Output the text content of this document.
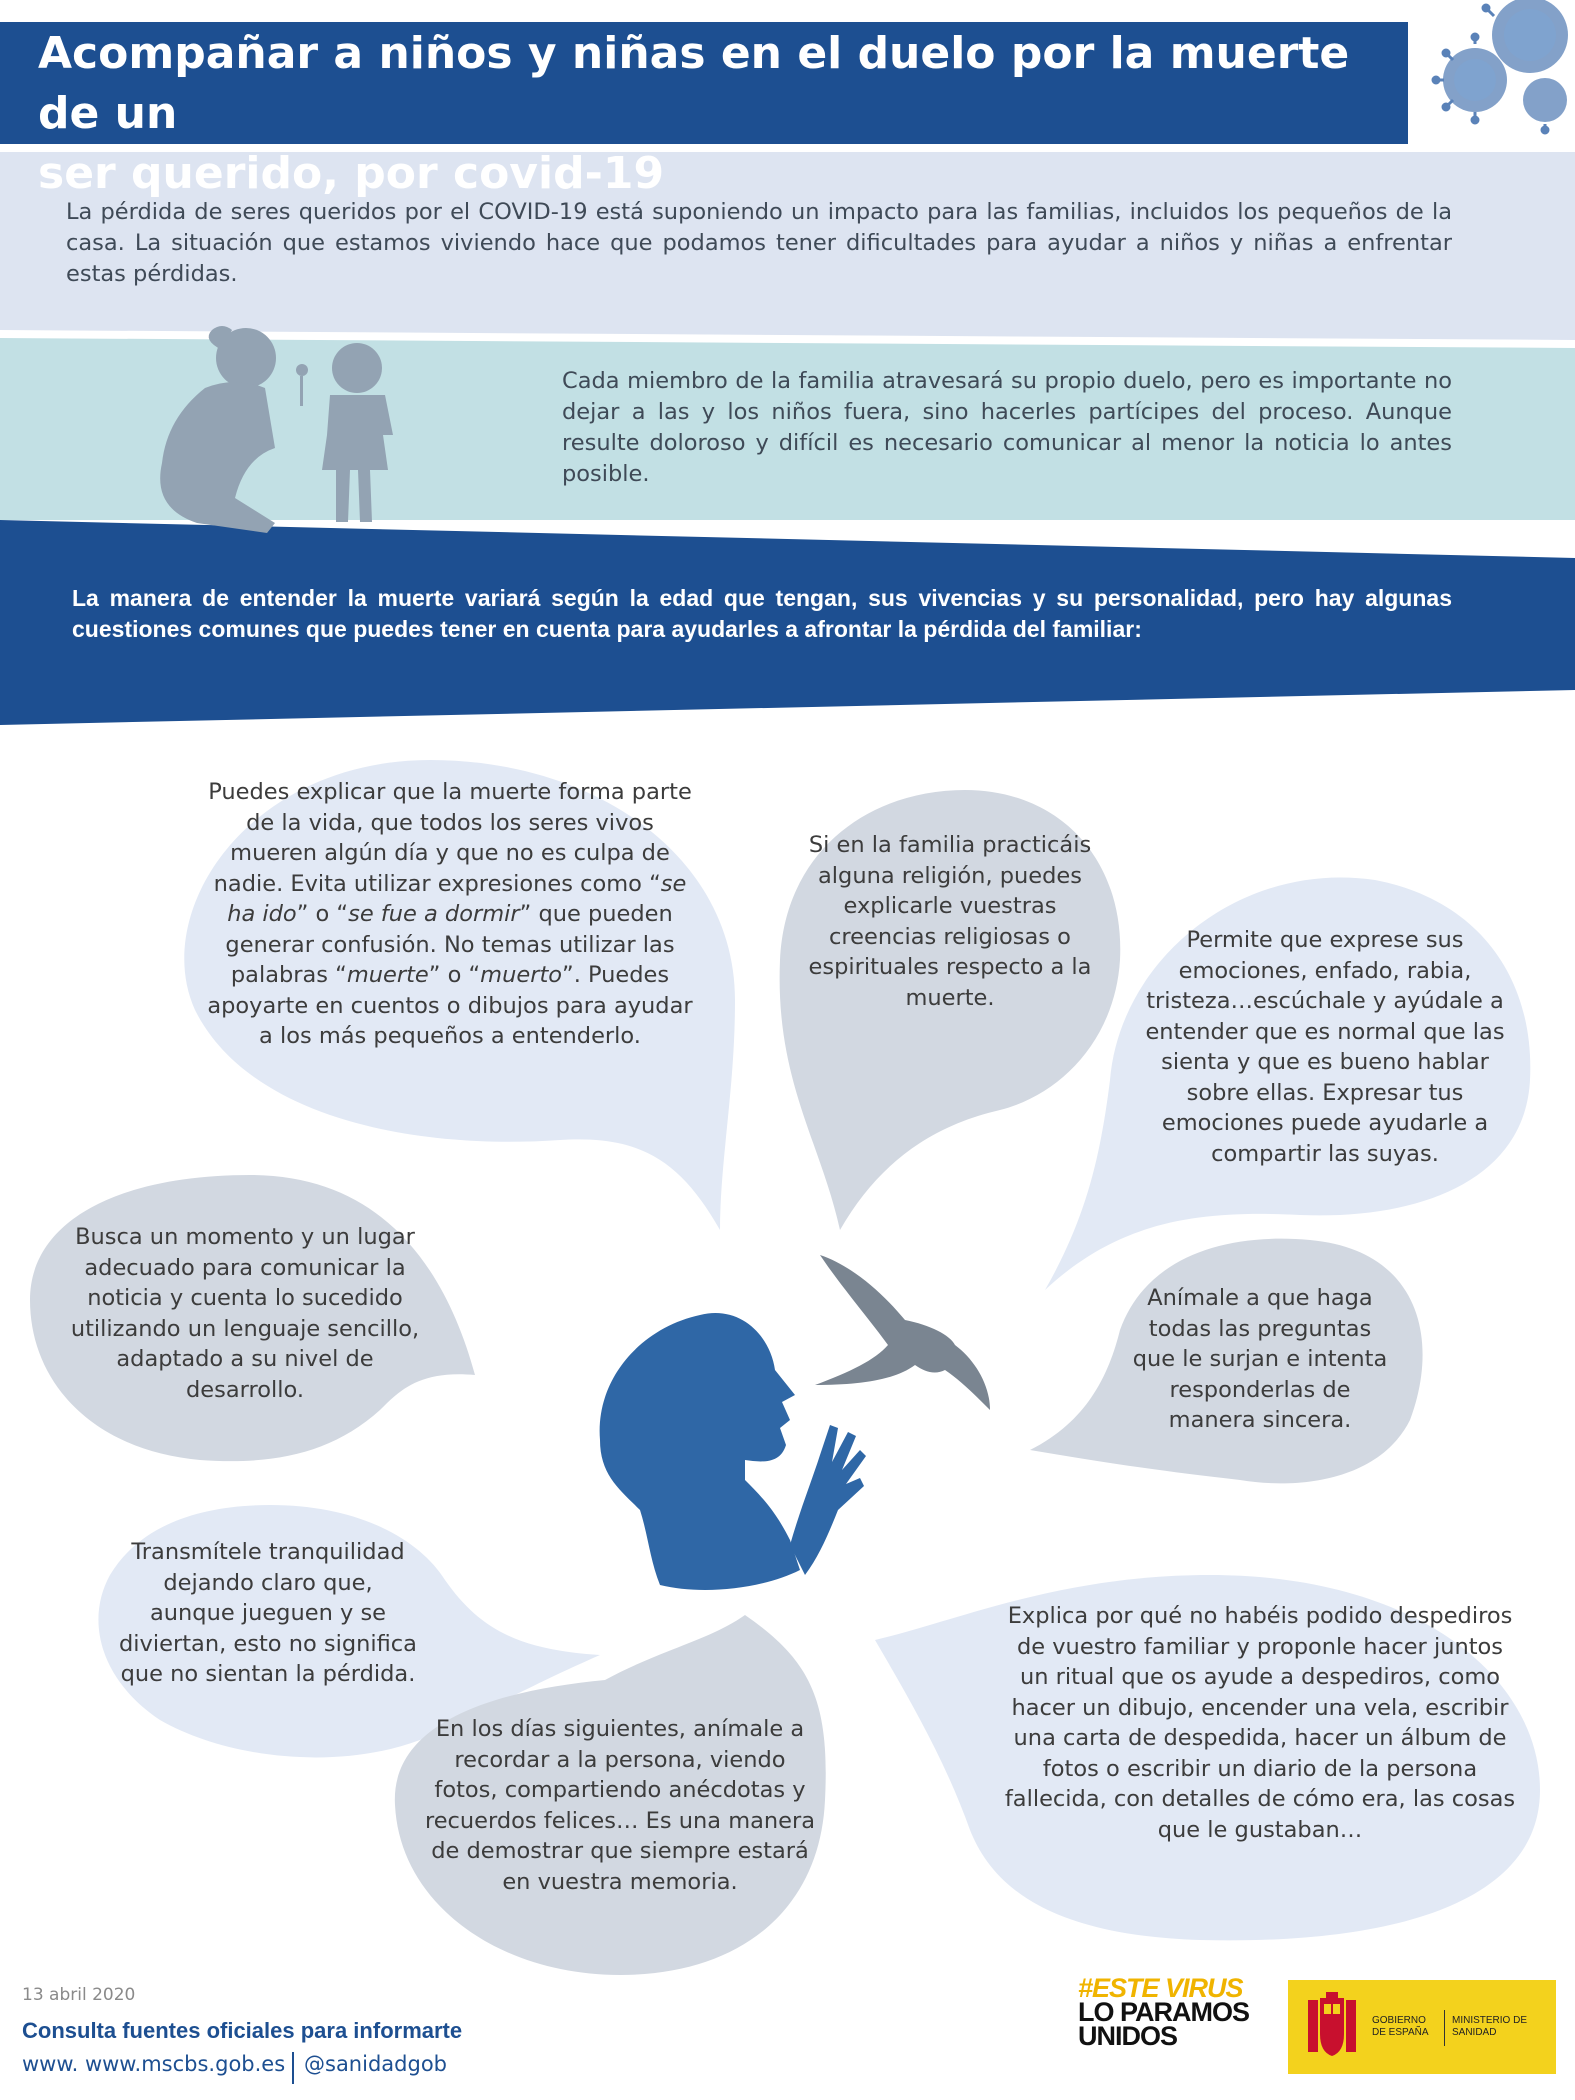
Acompañar a niños y niñas en el duelo por la muerte de un
ser querido, por covid-19
La pérdida de seres queridos por el COVID-19 está suponiendo un impacto para las familias, incluidos los pequeños de la casa. La situación que estamos viviendo hace que podamos tener dificultades para ayudar a niños y niñas a enfrentar estas pérdidas.
Cada miembro de la familia atravesará su propio duelo, pero es importante no dejar a las y los niños fuera, sino hacerles partícipes del proceso. Aunque resulte doloroso y difícil es necesario comunicar al menor la noticia lo antes posible.
La manera de entender la muerte variará según la edad que tengan, sus vivencias y su personalidad, pero hay algunas cuestiones comunes que puedes tener en cuenta para ayudarles a afrontar la pérdida del familiar:
Puedes explicar que la muerte forma parte de la vida, que todos los seres vivos mueren algún día y que no es culpa de nadie. Evita utilizar expresiones como “se ha ido” o “se fue a dormir” que pueden generar confusión. No temas utilizar las palabras “muerte” o “muerto”. Puedes apoyarte en cuentos o dibujos para ayudar a los más pequeños a entenderlo.
Si en la familia practicáis alguna religión, puedes explicarle vuestras creencias religiosas o espirituales respecto a la muerte.
Permite que exprese sus emociones, enfado, rabia, tristeza…escúchale y ayúdale a entender que es normal que las sienta y que es bueno hablar sobre ellas. Expresar tus emociones puede ayudarle a compartir las suyas.
Busca un momento y un lugar adecuado para comunicar la noticia y cuenta lo sucedido utilizando un lenguaje sencillo, adaptado a su nivel de desarrollo.
Anímale a que haga todas las preguntas que le surjan e intenta responderlas de manera sincera.
Transmítele tranquilidad dejando claro que, aunque jueguen y se diviertan, esto no significa que no sientan la pérdida.
En los días siguientes, anímale a recordar a la persona, viendo fotos, compartiendo anécdotas y recuerdos felices… Es una manera de demostrar que siempre estará en vuestra memoria.
Explica por qué no habéis podido despediros de vuestro familiar y proponle hacer juntos un ritual que os ayude a despediros, como hacer un dibujo, encender una vela, escribir una carta de despedida, hacer un álbum de fotos o escribir un diario de la persona fallecida, con detalles de cómo era, las cosas que le gustaban…
13 abril 2020
Consulta fuentes oficiales para informarte
www. www.mscbs.gob.es @sanidadgob
#ESTE VIRUS
LO PARAMOS UNIDOS
GOBIERNO DE ESPAÑA
MINISTERIO DE SANIDAD
